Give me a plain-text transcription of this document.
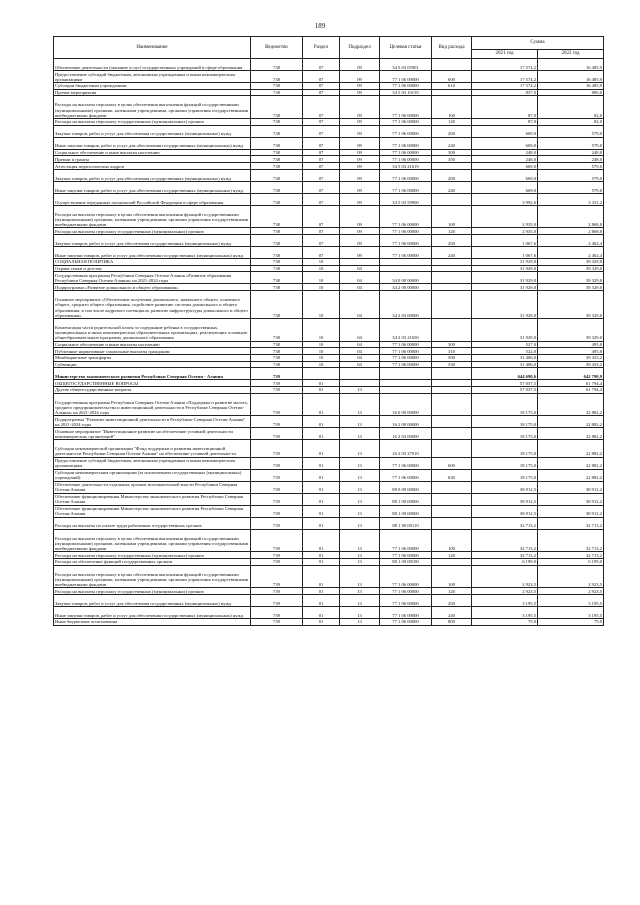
189
Наименование	Ведомство	Раздел	Подраздел	Целевая статья	Вид расхода	Сумма	
						2021 год	2022 год
Обеспечение деятельности (оказание услуг) государственных учреждений в сфере образования	738	07	09	34 5 03 05901		17 574,2	16 485,9
Предоставление субсидий бюджетным, автономным учреждениям и иным некоммерческим организациям	738	07	09	77 1 06 00000	600	17 574,2	16 485,9
Субсидии бюджетным учреждениям	738	07	09	77 1 06 00000	610	17 574,2	16 485,9
Прочие мероприятия	738	07	09	34 5 03 10139		857,0	889,0
Расходы на выплаты персоналу в целях обеспечения выполнения функций государственными (муниципальными) органами, казенными учреждениями, органами управления государственными внебюджетными фондами	738	07	09	77 1 06 00000	100	87,0	82,0
Расходы на выплаты персоналу государственных (муниципальных) органов	738	07	09	77 1 06 00000	120	87,0	82,0
Закупка товаров, работ и услуг для обеспечения государственных (муниципальных) нужд	738	07	09	77 1 06 00000	200	669,0	579,0
Иные закупки товаров, работ и услуг для обеспечения государственных (муниципальных) нужд	738	07	09	77 1 06 00000	240	669,0	579,0
Социальное обеспечение и иные выплаты населению	738	07	09	77 1 06 00000	300	248,0	248,0
Премии и гранты	738	07	09	77 1 06 00000	350	248,0	248,0
Аттестация педагогических кадров	738	07	09	34 5 03 21619		669,0	579,0
Закупка товаров, работ и услуг для обеспечения государственных (муниципальных) нужд	738	07	09	77 1 06 00000	200	669,0	579,0
Иные закупки товаров, работ и услуг для обеспечения государственных (муниципальных) нужд	738	07	09	77 1 06 00000	240	669,0	579,0
Осуществление переданных полномочий Российской Федерации в сфере образования	738	07	09	34 5 03 59900		3 992,6	3 331,2
Расходы на выплаты персоналу в целях обеспечения выполнения функций государственными (муниципальными) органами, казенными учреждениями, органами управления государственными внебюджетными фондами	738	07	09	77 1 06 00000	100	2 935,0	2 868,8
Расходы на выплаты персоналу государственных (муниципальных) органов	738	07	09	77 1 06 00000	120	2 935,0	2 868,8
Закупка товаров, работ и услуг для обеспечения государственных (муниципальных) нужд	738	07	09	77 1 06 00000	200	1 067,6	2 462,4
Иные закупки товаров, работ и услуг для обеспечения государственных (муниципальных) нужд	738	07	09	77 1 06 00000	240	1 067,6	2 462,4
СОЦИАЛЬНАЯ ПОЛИТИКА	738	10				31 929,0	39 329,0
Охрана семьи и детства	738	10	04			31 929,0	39 329,0
Государственная программа Республики Северная Осетия-Алания «Развитие образования Республики Северная Осетия-Алания» на 2021-2024 годы	738	10	04	34 0 00 00000		31 929,0	39 329,0
Подпрограмма «Развитие дошкольного и общего образования»	738	10	04	34 2 00 00000		31 929,0	39 329,0
Основное мероприятие «Обеспечение получения дошкольного, начального общего, основного общего, среднего общего образования, содействие развитию системы дошкольного и общего образования, в том числе кадрового потенциала, развитие инфраструктуры дошкольного и общего образования»	738	10	04	34 2 03 00000		31 929,0	39 329,0
Компенсация части родительской платы за содержание ребенка в государственных, муниципальных и иных некоммерческих образовательных организациях, реализующих основную общеобразовательную программу дошкольного образования	738	10	04	34 2 03 21650		31 929,0	39 329,0
Социальное обеспечение и иные выплаты населению	738	10	04	77 1 06 00000	300	527,0	495,8
Публичные нормативные социальные выплаты гражданам	738	10	04	77 1 06 00000	310	522,0	495,8
Межбюджетные трансферты	738	10	04	77 1 06 00000	500	31 406,0	39 433,2
Субвенции	738	10	04	77 1 06 00000	530	31 406,0	39 433,2
Министерство экономического развития Республики Северная Осетия - Алания	739					644 690,6	642 790,9
ОБЩЕГОСУДАРСТВЕННЫЕ ВОПРОСЫ	739	01				57 037,5	61 794,4
Другие общегосударственные вопросы	739	01	13			57 037,5	61 794,4
Государственная программа Республики Северная Осетия-Алания «Поддержка и развитие малого, среднего предпринимательства и инвестиционной деятельности в Республике Северная Осетия-Алания» на 2021-2024 годы	739	01	13	16 0 00 00000		18 175,0	22 882,2
Подпрограмма "Развитие инвестиционной деятельности в Республике Северная Осетия-Алания" на 2021-2024 годы	739	01	13	16 2 00 00000		18 175,0	22 882,2
Основное мероприятие "Инвестиционное развитие на обеспечение уставной деятельности некоммерческих организаций"	739	01	13	16 2 03 00000		18 175,0	22 882,2
Субсидия некоммерческой организации "Фонд поддержки и развития инвестиционной деятельности Республики Северная Осетия-Алания" на обеспечение уставной деятельности	739	01	13	16 2 03 27010		18 175,0	22 882,2
Предоставление субсидий бюджетным, автономным учреждениям и иным некоммерческим организациям	739	01	13	77 1 06 00000	600	18 175,0	22 882,2
Субсидии некоммерческим организациям (за исключением государственных (муниципальных) учреждений)	739	01	13	77 1 06 00000	630	18 175,0	22 882,2
Обеспечение деятельности отдельных органов исполнительной власти Республики Северная Осетия-Алания	739	01	13	88 0 00 00000		38 912,5	38 912,2
Обеспечение функционирования Министерства экономического развития Республики Северная Осетия-Алания	739	01	13	88 1 00 00000		38 912,5	38 912,2
Обеспечение функционирования Министерства экономического развития Республики Северная Осетия-Алания	739	01	13	88 1 00 00000		38 912,5	38 912,2
Расходы на выплаты по оплате труда работников государственных органов	739	01	13	88 1 00 00110		32 713,2	32 713,2
Расходы на выплаты персоналу в целях обеспечения выполнения функций государственными (муниципальными) органами, казенными учреждениями, органами управления государственными внебюджетными фондами	739	01	13	77 1 06 00000	100	32 713,2	32 713,2
Расходы на выплаты персоналу государственных (муниципальных) органов	739	01	13	77 1 06 00000	120	32 713,2	32 713,2
Расходы на обеспечение функций государственных органов	739	01	13	88 1 00 00190		6 199,0	6 199,0
Расходы на выплаты персоналу в целях обеспечения выполнения функций государственными (муниципальными) органами, казенными учреждениями, органами управления государственными внебюджетными фондами	739	01	13	77 1 06 00000	100	2 923,5	2 923,5
Расходы на выплаты персоналу государственных (муниципальных) органов	739	01	13	77 1 06 00000	120	2 923,5	2 923,5
Закупка товаров, работ и услуг для обеспечения государственных (муниципальных) нужд	739	01	13	77 1 06 00000	200	3 195,5	3 195,5
Иные закупки товаров, работ и услуг для обеспечения государственных (муниципальных) нужд	739	01	13	77 1 06 00000	240	3 195,5	3 195,5
Иные бюджетные ассигнования	739	01	13	77 1 06 00000	800	75,0	75,0
